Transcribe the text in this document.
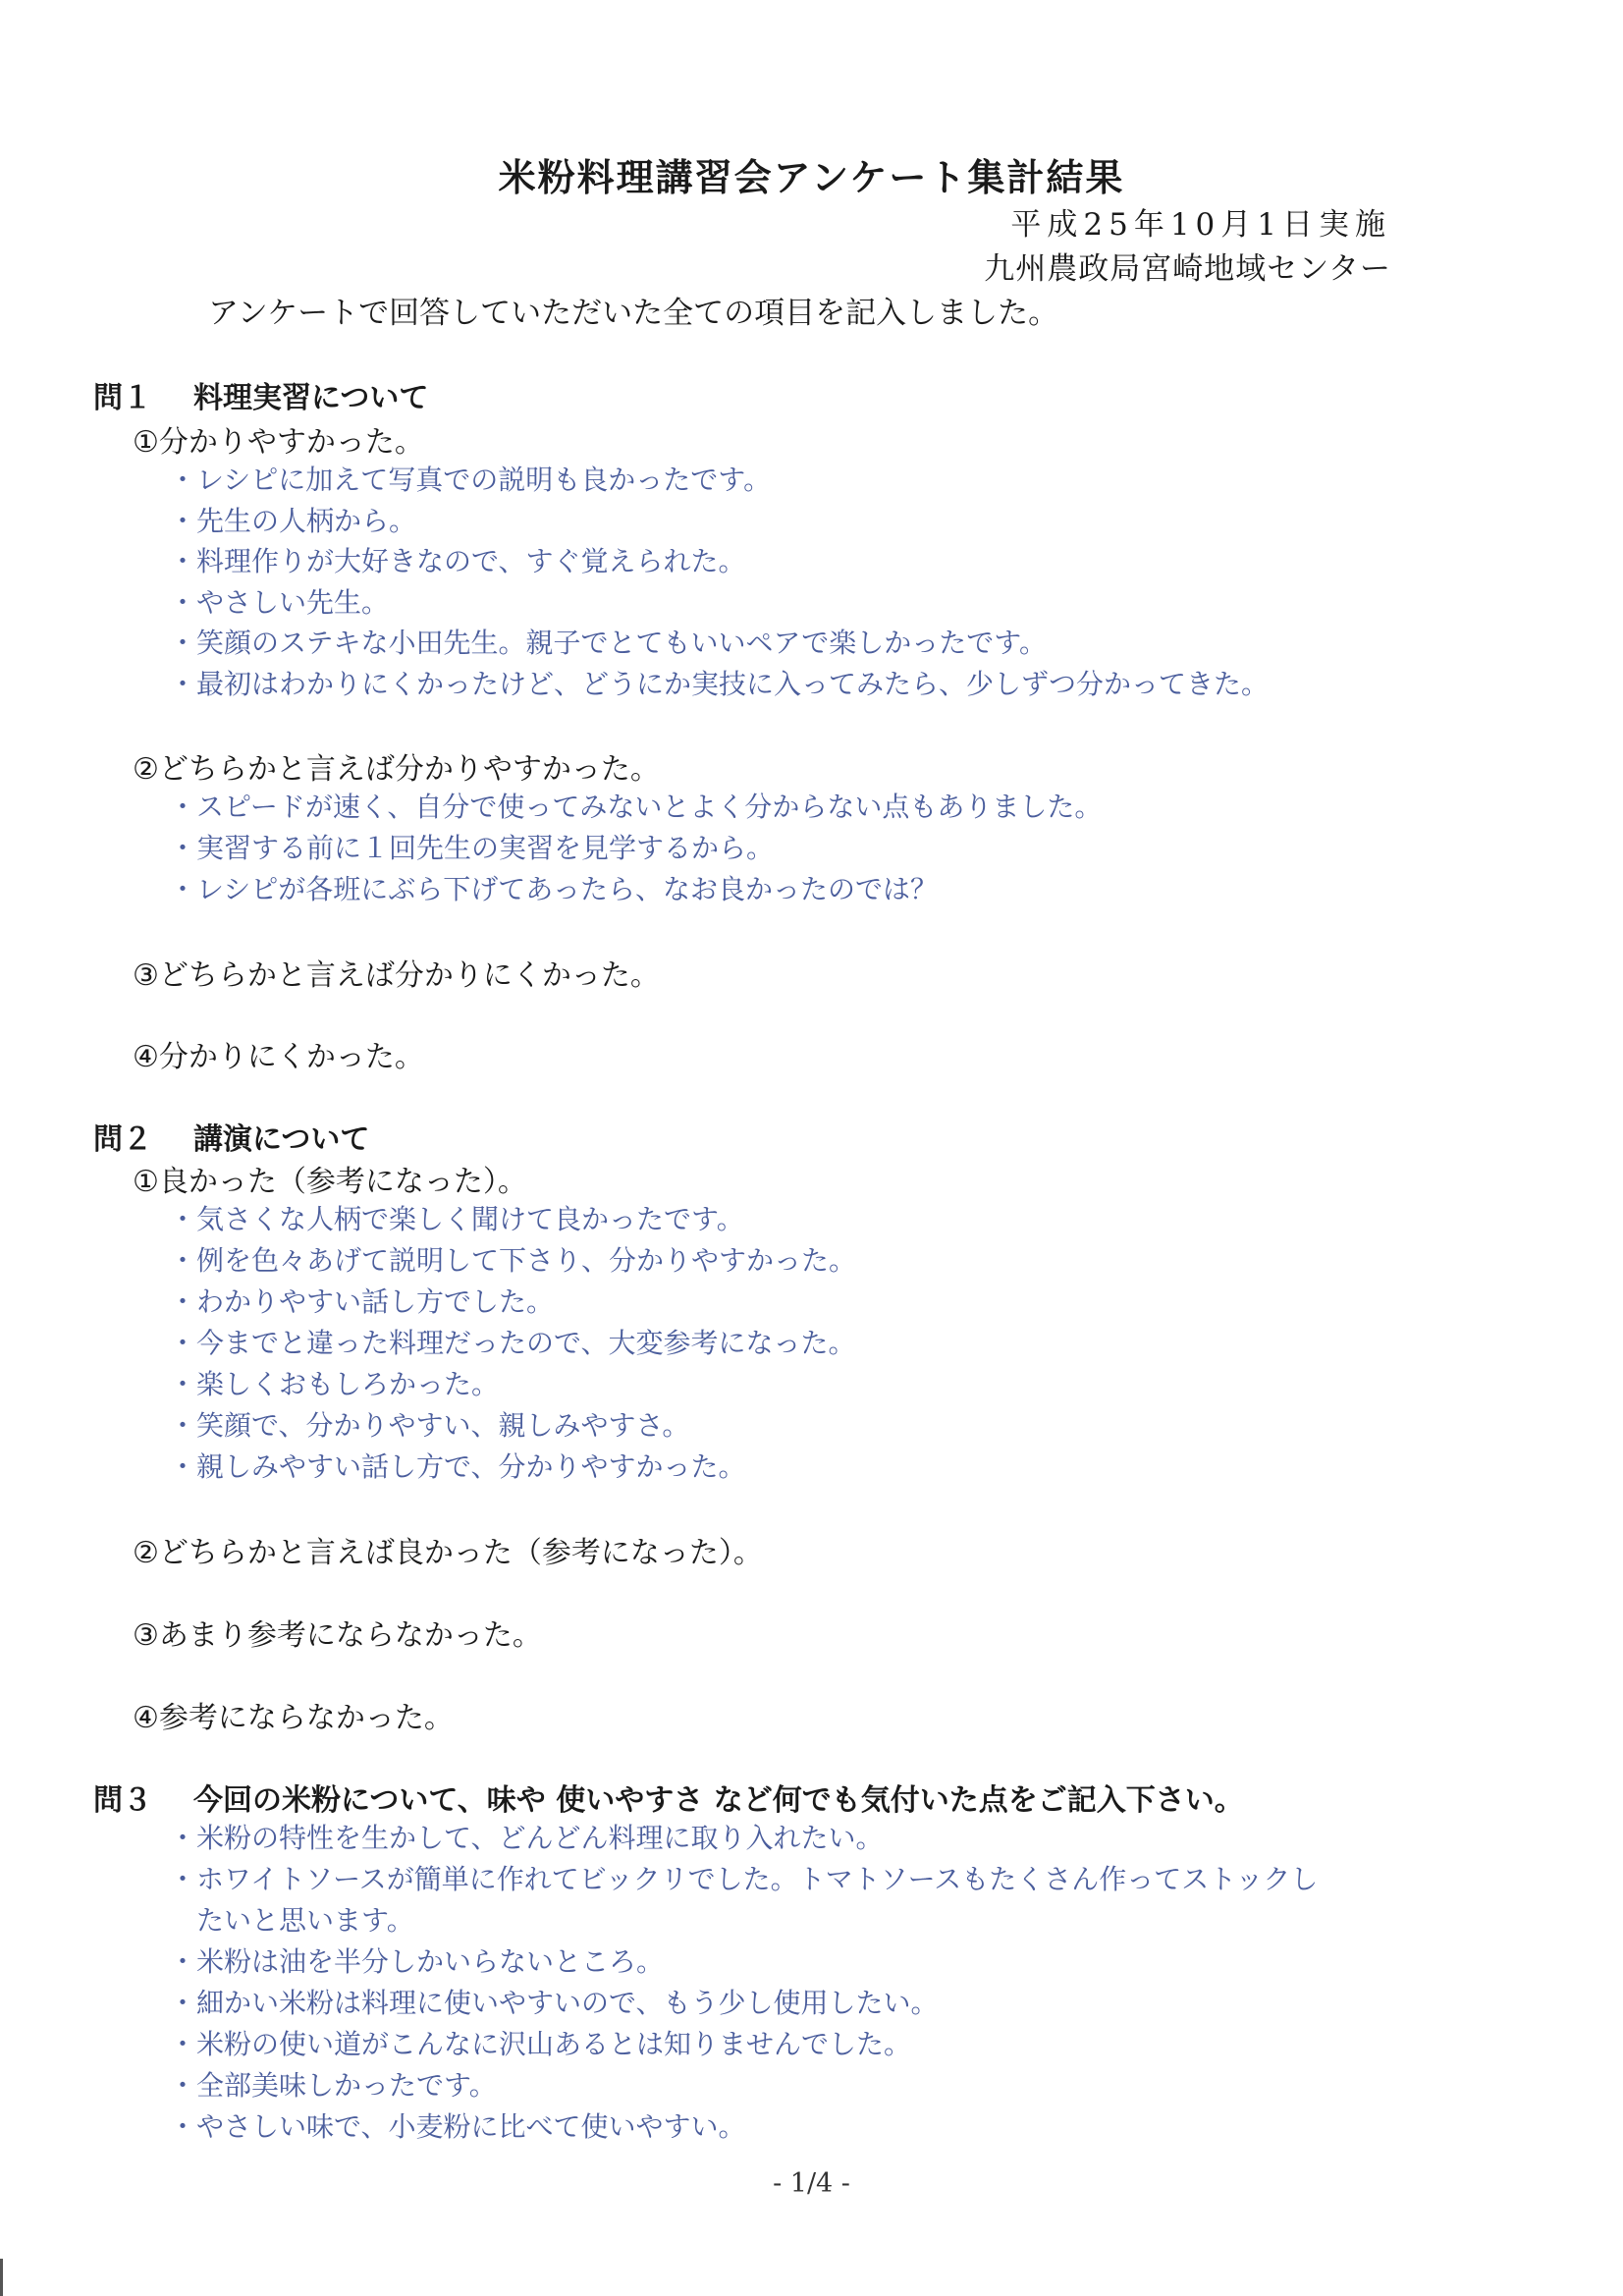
米粉料理講習会アンケート集計結果
平成25年10月1日実施
九州農政局宮崎地域センター
アンケートで回答していただいた全ての項目を記入しました。
問１ 料理実習について
①分かりやすかった。
・レシピに加えて写真での説明も良かったです。
・先生の人柄から。
・料理作りが大好きなので、すぐ覚えられた。
・やさしい先生。
・笑顔のステキな小田先生。親子でとてもいいペアで楽しかったです。
・最初はわかりにくかったけど、どうにか実技に入ってみたら、少しずつ分かってきた。
②どちらかと言えば分かりやすかった。
・スピードが速く、自分で使ってみないとよく分からない点もありました。
・実習する前に１回先生の実習を見学するから。
・レシピが各班にぶら下げてあったら、なお良かったのでは？
③どちらかと言えば分かりにくかった。
④分かりにくかった。
問２ 講演について
①良かった（参考になった）。
・気さくな人柄で楽しく聞けて良かったです。
・例を色々あげて説明して下さり、分かりやすかった。
・わかりやすい話し方でした。
・今までと違った料理だったので、大変参考になった。
・楽しくおもしろかった。
・笑顔で、分かりやすい、親しみやすさ。
・親しみやすい話し方で、分かりやすかった。
②どちらかと言えば良かった（参考になった）。
③あまり参考にならなかった。
④参考にならなかった。
問３ 今回の米粉について、味や 使いやすさ など何でも気付いた点をご記入下さい。
・米粉の特性を生かして、どんどん料理に取り入れたい。
・ホワイトソースが簡単に作れてビックリでした。トマトソースもたくさん作ってストックし
たいと思います。
・米粉は油を半分しかいらないところ。
・細かい米粉は料理に使いやすいので、もう少し使用したい。
・米粉の使い道がこんなに沢山あるとは知りませんでした。
・全部美味しかったです。
・やさしい味で、小麦粉に比べて使いやすい。
- 1/4 -
